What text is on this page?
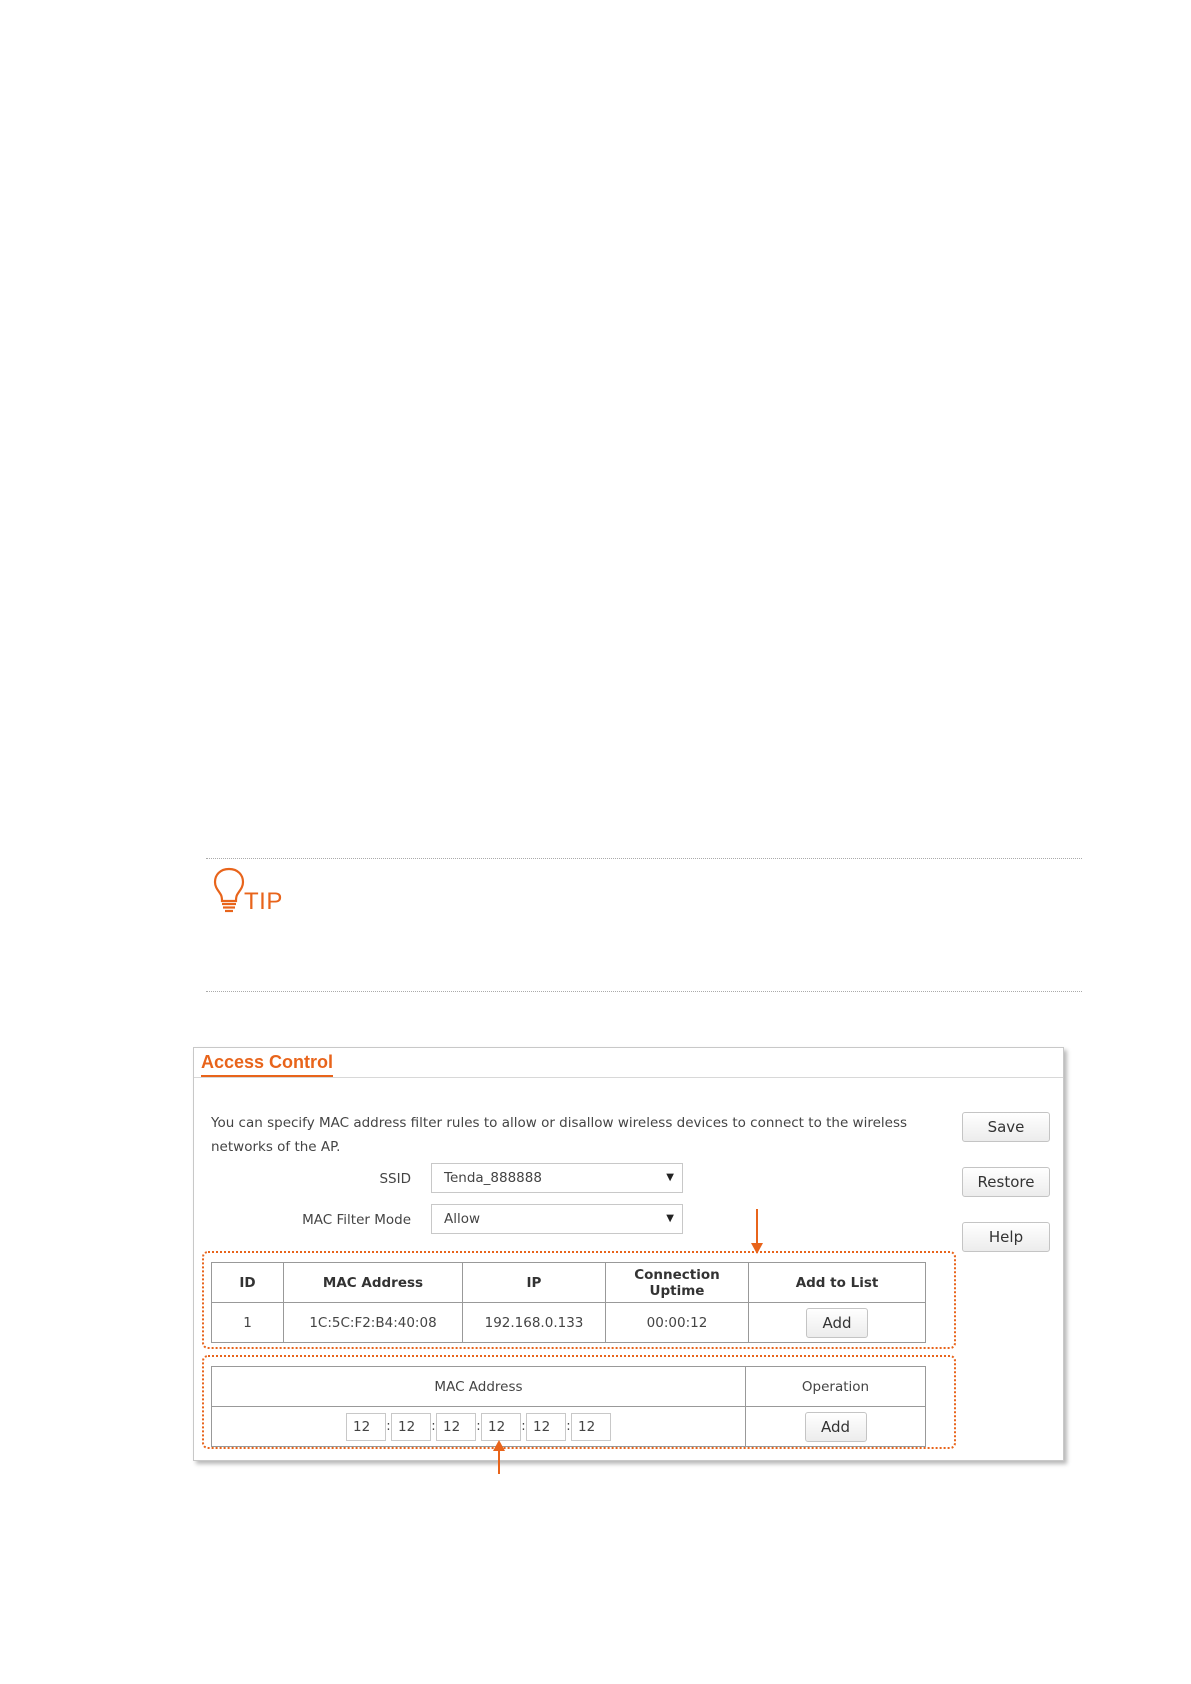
TIP
Access Control
You can specify MAC address filter rules to allow or disallow wireless devices to connect to the wireless networks of the AP.
SSID	Tenda_888888	▼
MAC Filter Mode	Allow	▼
Save
Restore
Help
ID	MAC Address	IP	Connection Uptime	Add to List
1	1C:5C:F2:B4:40:08	192.168.0.133	00:00:12	Add
MAC Address	Operation
12 : 12 : 12 : 12 : 12 : 12	Add
